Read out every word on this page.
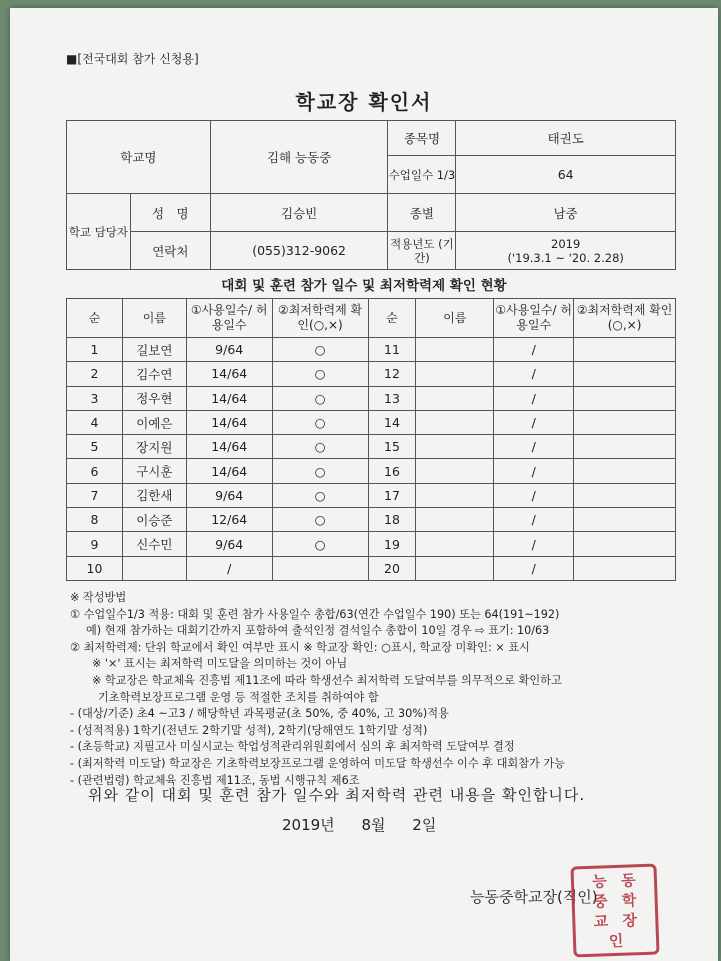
■[전국대회 참가 신청용]
학교장 확인서
학교명		김해 능동중	종목명	태권도
			수업일수 1/3	64
학교 담당자	성　명	김승빈	종별	남중
	연락처	(055)312-9062	적용년도 (기간)	2019
('19.3.1 ~ '20. 2.28)
대회 및 훈련 참가 일수 및 최저학력제 확인 현황
순	이름	①사용일수/ 허용일수	②최저학력제 확인(○,×)	순	이름	①사용일수/ 허용일수	②최저학력제 확인(○,×)
1	길보연	9/64	○	11		/	
2	김수연	14/64	○	12		/	
3	정우현	14/64	○	13		/	
4	이예은	14/64	○	14		/	
5	장지원	14/64	○	15		/	
6	구시훈	14/64	○	16		/	
7	김한새	9/64	○	17		/	
8	이승준	12/64	○	18		/	
9	신수민	9/64	○	19		/	
10		/		20		/	
※ 작성방법
① 수업일수1/3 적용: 대회 및 훈련 참가 사용일수 총합/63(연간 수업일수 190) 또는 64(191~192)
예) 현재 참가하는 대회기간까지 포함하여 출석인정 결석일수 총합이 10일 경우 ⇨ 표기: 10/63
② 최저학력제: 단위 학교에서 확인 여부만 표시 ※ 학교장 확인: ○표시, 학교장 미확인: × 표시
※ '×' 표시는 최저학력 미도달을 의미하는 것이 아님
※ 학교장은 학교체육 진흥법 제11조에 따라 학생선수 최저학력 도달여부를 의무적으로 확인하고
기초학력보장프로그램 운영 등 적절한 조치를 취하여야 함
- (대상/기준) 초4 ~고3 / 해당학년 과목평균(초 50%, 중 40%, 고 30%)적용
- (성적적용) 1학기(전년도 2학기말 성적), 2학기(당해연도 1학기말 성적)
- (초등학교) 지필고사 미실시교는 학업성적관리위원회에서 심의 후 최저학력 도달여부 결정
- (최저학력 미도달) 학교장은 기초학력보장프로그램 운영하여 미도달 학생선수 이수 후 대회참가 가능
- (관련법령) 학교체육 진흥법 제11조, 동법 시행규칙 제6조
위와 같이 대회 및 훈련 참가 일수와 최저학력 관련 내용을 확인합니다.
2019년 8월 2일
능동중학교장(직인)
능 동
중 학
교 장
인
